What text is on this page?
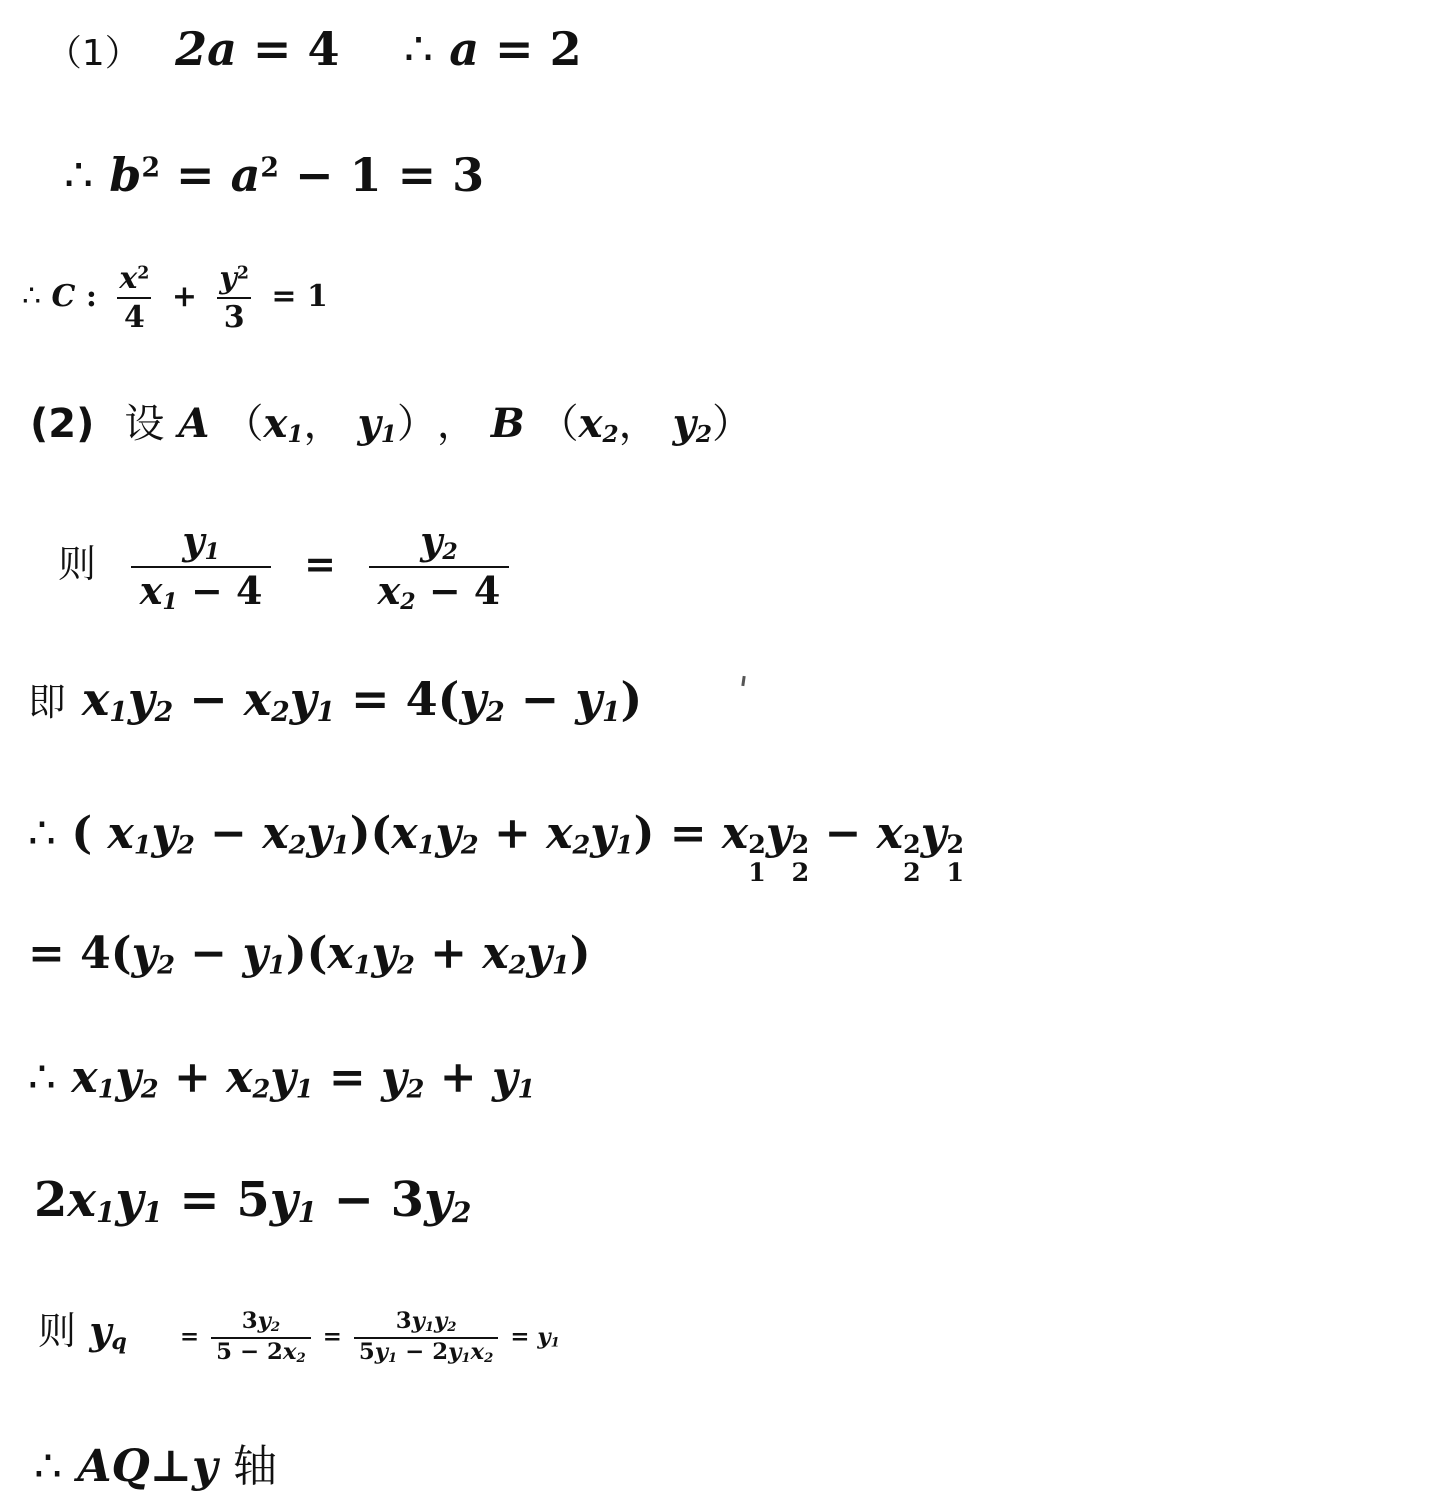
（1） 2a = 4 ∴ a = 2
∴ $b^2 = a^2 - 1 = 3$
∴ C : $\frac{x^2}{4} + \frac{y^2}{3} = 1$
(2) 设 A （ $x_1$ ， $y_1$ ） ， B （ $x_2$ ， $y_2$ ）
则 $\frac{y_1}{x_1 - 4} = \frac{y_2}{x_2 - 4}$
即 $x_1y_2 - x_2y_1 = 4(y_2 - y_1)$
∴ ( $x_1y_2 - x_2y_1)(x_1y_2 + x_2y_1) = x$ 2
1
y 2
2
− x 2
2
y 2
1
= $4(y_2 - y_1)(x_1y_2 + x_2y_1)$
∴ $x_1y_2 + x_2y_1 = y_2 + y_1$
$2x_1y_1 = 5y_1 - 3y_2$
则 $y_q = \frac{3y_2}{5 - 2x_2} = \frac{3y_1y_2}{5y_1 - 2y_1x_2} = y_1$
∴ AQ⊥y 轴
